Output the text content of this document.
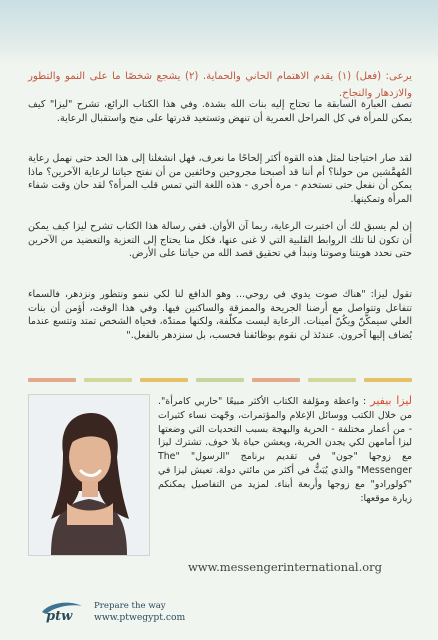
يرعى: (فعل) (١) يقدم الاهتمام الحاني والحماية. (٢) يشجع شخصًا ما على النمو والتطور والازدهار والنجاح.
تصف العبارة السابقة ما تحتاج إليه بنات الله بشدة. وفي هذا الكتاب الرائع، تشرح "ليزا" كيف يمكن للمرأة في كل المراحل العمرية أن تنهض وتستعيد قدرتها على منح واستقبال الرعاية.
لقد صار احتياجنا لمثل هذه القوة أكثر إلحاحًا ما نعرف، فهل انشغلنا إلى هذا الحد حتى نهمل رعاية المُهمَّشين من حولنا؟ أم أننا قد أصبحنا مجروحين وخائفين من أن نفتح حياتنا لرعاية الآخرين؟ ماذا يمكن أن نفعل حتى نستخدم - مرة أخرى - هذه اللغة التي تمس قلب المرأة؟ لقد حان وقت شفاء المرأة وتمكينها.
إن لم يسبق لك أن اختبرت الرعاية، ربما آن الأوان. ففي رسالة هذا الكتاب تشرح ليزا كيف يمكن أن تكون لنا تلك الروابط القلبية التي لا غنى عنها، فكل منا يحتاج إلى التعزية والتعضيد من الآخرين حتى نحدد هويتنا وصوتنا ونبدأ في تحقيق قصد الله من حياتنا على الأرض.
تقول ليزا: "هناك صوت يدوي في روحي... وهو الدافع لنا لكي ننمو ونتطور ونزدهر، فالسماء تتفاعل وتتواصل مع أرضنا الجريحة والممزقة والساكنين فيها. وفي هذا الوقت، أؤمن أن بنات العلي سيمكّنّ ويكُنّ أمينات. الرعاية ليست مكلّفة، ولكنها ممتدّة، فحياة الشخص تمتد وتتسع عندما يُضاف إليها آخرون. عندئذ لن نقوم بوظائفنا فحسب، بل سنزدهر بالفعل."
ليزا بيفير : واعظة ومؤلفة الكتاب الأكثر مبيعًا "حاربي كامرأة". من خلال الكتب ووسائل الإعلام والمؤتمرات، وجّهت نساء كثيرات - من أعمار مختلفة - الحرية والبهجة بسبب التحديات التي وضعتها ليزا أمامهن لكي يجدن الحرية، ويعشن حياة بلا خوف. تشترك ليزا مع زوجها "جون" في تقديم برنامج "الرسول" "The Messenger" والذي يُبَثُّ في أكثر من مائتي دولة. تعيش ليزا في "كولورادو" مع زوجها وأربعة أبناء. لمزيد من التفاصيل يمكنكم زيارة موقعها:
www.messengerinternational.org
ptw
Prepare the way
www.ptwegypt.com
